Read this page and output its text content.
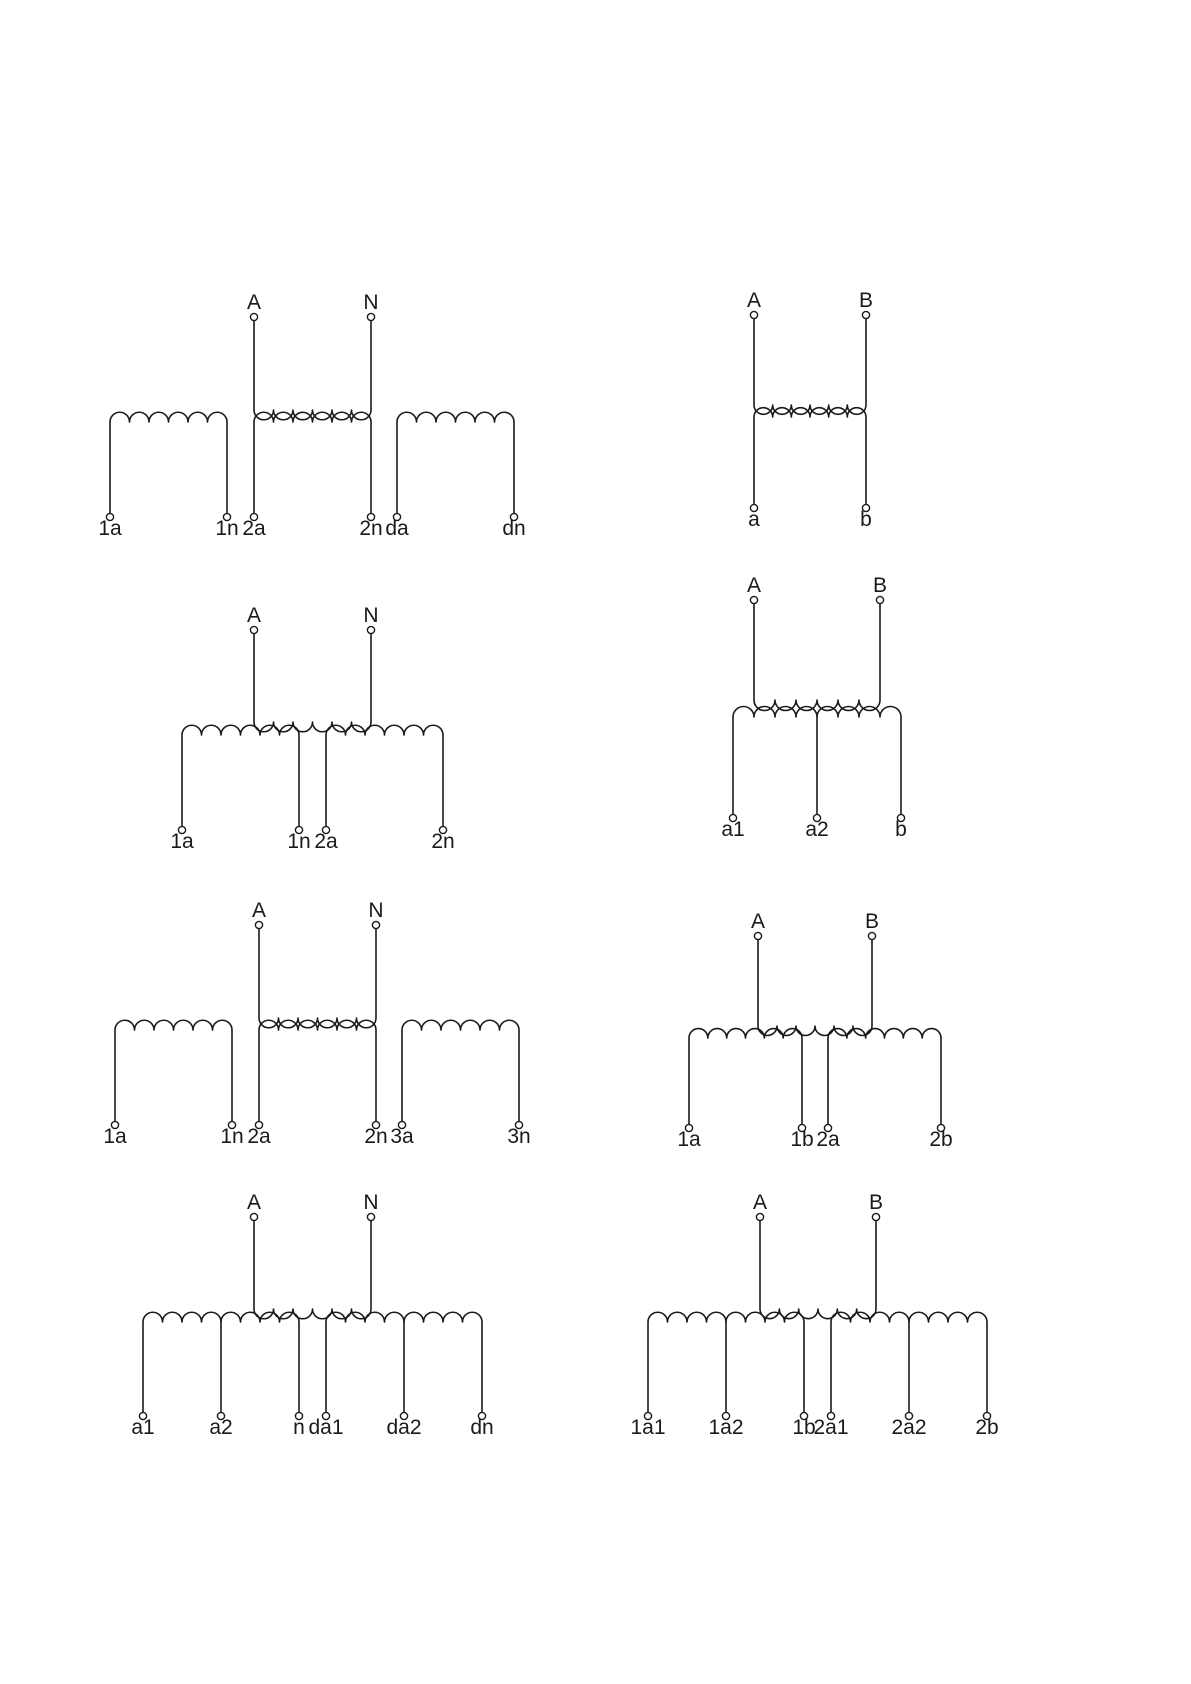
A	N
1a	1n 2a	2n da	dn
A	B
a	b
A	N
1a	1n 2a	2n
A	B
a1	a2	b
A	N
1a	1n 2a	2n 3a	3n
A	B
1a	1b 2a	2b
A	N
a1	a2	n da1 da2 dn
A	B
1a1 1a2 1b
2a1 2a2 2b
